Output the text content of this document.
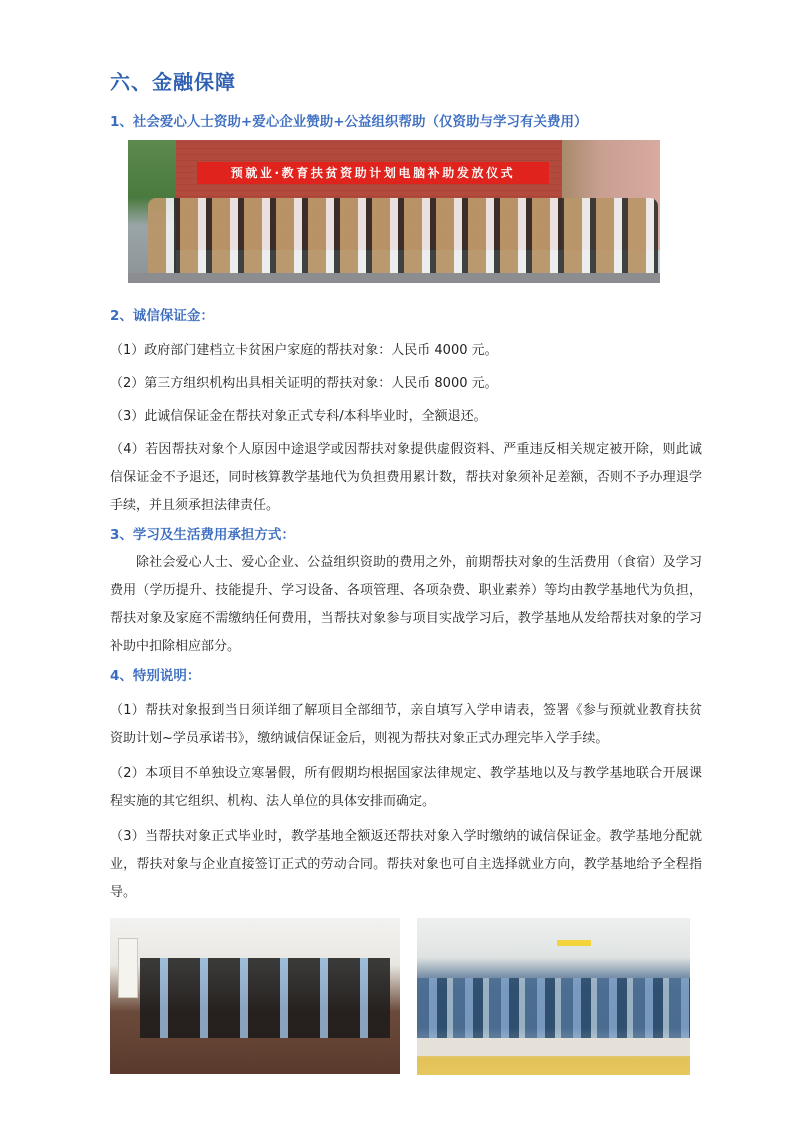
六、金融保障
1、社会爱心人士资助+爱心企业赞助+公益组织帮助（仅资助与学习有关费用）
预就业·教育扶贫资助计划电脑补助发放仪式
2、诚信保证金：
（1）政府部门建档立卡贫困户家庭的帮扶对象：人民币 4000 元。
（2）第三方组织机构出具相关证明的帮扶对象：人民币 8000 元。
（3）此诚信保证金在帮扶对象正式专科/本科毕业时，全额退还。
（4）若因帮扶对象个人原因中途退学或因帮扶对象提供虚假资料、严重违反相关规定被开除，则此诚信保证金不予退还，同时核算教学基地代为负担费用累计数，帮扶对象须补足差额，否则不予办理退学手续，并且须承担法律责任。
3、学习及生活费用承担方式：
除社会爱心人士、爱心企业、公益组织资助的费用之外，前期帮扶对象的生活费用（食宿）及学习费用（学历提升、技能提升、学习设备、各项管理、各项杂费、职业素养）等均由教学基地代为负担，帮扶对象及家庭不需缴纳任何费用，当帮扶对象参与项目实战学习后，教学基地从发给帮扶对象的学习补助中扣除相应部分。
4、特别说明：
（1）帮扶对象报到当日须详细了解项目全部细节，亲自填写入学申请表，签署《参与预就业教育扶贫资助计划~学员承诺书》，缴纳诚信保证金后，则视为帮扶对象正式办理完毕入学手续。
（2）本项目不单独设立寒暑假，所有假期均根据国家法律规定、教学基地以及与教学基地联合开展课程实施的其它组织、机构、法人单位的具体安排而确定。
（3）当帮扶对象正式毕业时，教学基地全额返还帮扶对象入学时缴纳的诚信保证金。教学基地分配就业，帮扶对象与企业直接签订正式的劳动合同。帮扶对象也可自主选择就业方向，教学基地给予全程指导。
